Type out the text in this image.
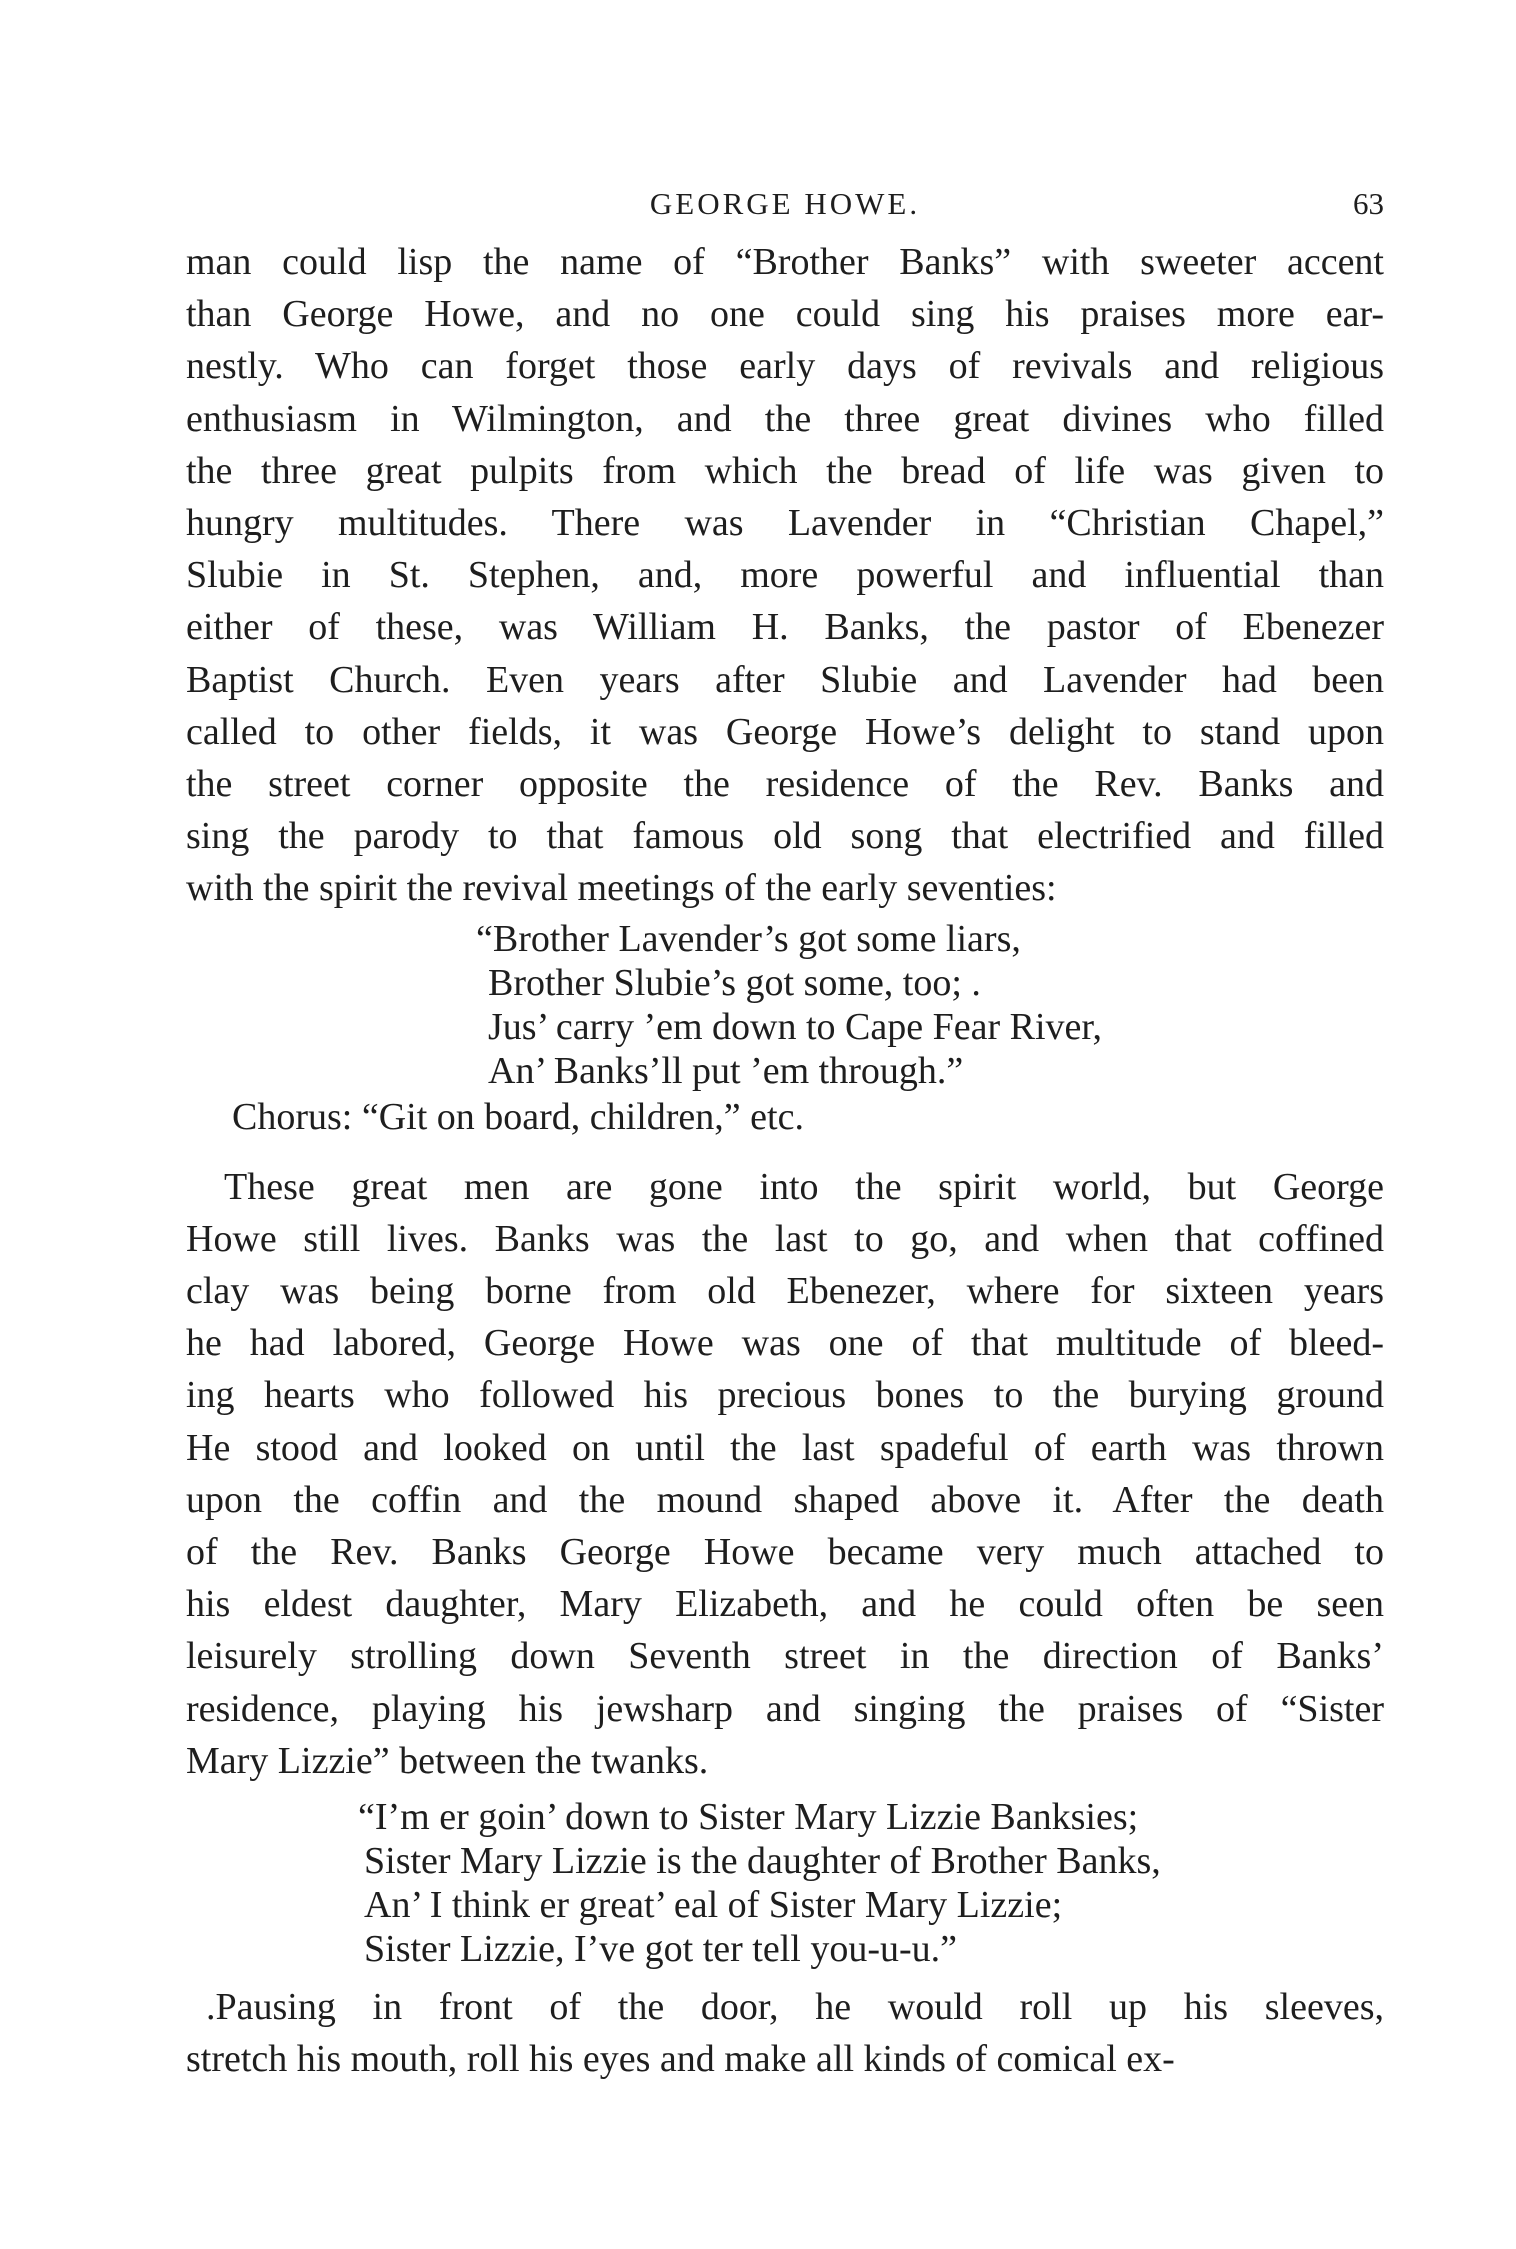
GEORGE HOWE.	63
man could lisp the name of “Brother Banks” with sweeter accent
than George Howe, and no one could sing his praises more ear-
nestly. Who can forget those early days of revivals and religious
enthusiasm in Wilmington, and the three great divines who filled
the three great pulpits from which the bread of life was given to
hungry multitudes. There was Lavender in “Christian Chapel,”
Slubie in St. Stephen, and, more powerful and influential than
either of these, was William H. Banks, the pastor of Ebenezer
Baptist Church. Even years after Slubie and Lavender had been
called to other fields, it was George Howe’s delight to stand upon
the street corner opposite the residence of the Rev. Banks and
sing the parody to that famous old song that electrified and filled
with the spirit the revival meetings of the early seventies:
“Brother Lavender’s got some liars,
Brother Slubie’s got some, too; .
Jus’ carry ’em down to Cape Fear River,
An’ Banks’ll put ’em through.”
Chorus: “Git on board, children,” etc.
These great men are gone into the spirit world, but George
Howe still lives. Banks was the last to go, and when that coffined
clay was being borne from old Ebenezer, where for sixteen years
he had labored, George Howe was one of that multitude of bleed-
ing hearts who followed his precious bones to the burying ground
He stood and looked on until the last spadeful of earth was thrown
upon the coffin and the mound shaped above it. After the death
of the Rev. Banks George Howe became very much attached to
his eldest daughter, Mary Elizabeth, and he could often be seen
leisurely strolling down Seventh street in the direction of Banks’
residence, playing his jewsharp and singing the praises of “Sister
Mary Lizzie” between the twanks.
“I’m er goin’ down to Sister Mary Lizzie Banksies;
Sister Mary Lizzie is the daughter of Brother Banks,
An’ I think er great’ eal of Sister Mary Lizzie;
Sister Lizzie, I’ve got ter tell you-u-u.”
.Pausing in front of the door, he would roll up his sleeves,
stretch his mouth, roll his eyes and make all kinds of comical ex-
